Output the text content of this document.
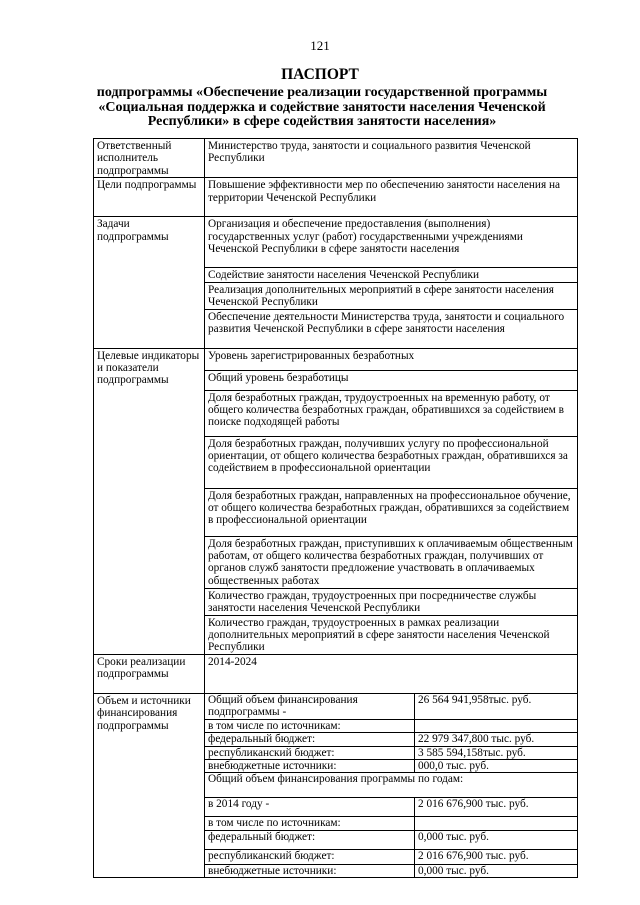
121
ПАСПОРТ
подпрограммы «Обеспечение реализации государственной программы «Социальная поддержка и содействие занятости населения Чеченской Республики» в сфере содействия занятости населения»
Ответственный исполнитель подпрограммы	Министерство труда, занятости и социального развития Чеченской Республики
Цели подпрограммы	Повышение эффективности мер по обеспечению занятости населения на территории Чеченской Республики
Задачи подпрограммы	Организация и обеспечение предоставления (выполнения) государственных услуг (работ) государственными учреждениями Чеченской Республики в сфере занятости населения
Содействие занятости населения Чеченской Республики
Реализация дополнительных мероприятий в сфере занятости населения Чеченской Республики
Обеспечение деятельности Министерства труда, занятости и социального развития Чеченской Республики в сфере занятости населения
Целевые индикаторы и показатели подпрограммы	Уровень зарегистрированных безработных
Общий уровень безработицы
Доля безработных граждан, трудоустроенных на временную работу, от общего количества безработных граждан, обратившихся за содействием в поиске подходящей работы
Доля безработных граждан, получивших услугу по профессиональной ориентации, от общего количества безработных граждан, обратившихся за содействием в профессиональной ориентации
Доля безработных граждан, направленных на профессиональное обучение, от общего количества безработных граждан, обратившихся за содействием в профессиональной ориентации
Доля безработных граждан, приступивших к оплачиваемым общественным работам, от общего количества безработных граждан, получивших от органов служб занятости предложение участвовать в оплачиваемых общественных работах
Количество граждан, трудоустроенных при посредничестве службы занятости населения Чеченской Республики
Количество граждан, трудоустроенных в рамках реализации дополнительных мероприятий в сфере занятости населения Чеченской Республики
Сроки реализации подпрограммы	2014-2024
Объем и источники финансирования подпрограммы	
Общий объем финансирования подпрограммы -	26 564 941,958тыс. руб.
в том числе по источникам:	
федеральный бюджет:	22 979 347,800 тыс. руб.
республиканский бюджет:	3 585 594,158тыс. руб.
внебюджетные источники:	000,0 тыс. руб.
Общий объем финансирования программы по годам:
в 2014 году -	2 016 676,900 тыс. руб.
в том числе по источникам:	
федеральный бюджет:	0,000 тыс. руб.
республиканский бюджет:	2 016 676,900 тыс. руб.
внебюджетные источники:	0,000 тыс. руб.
